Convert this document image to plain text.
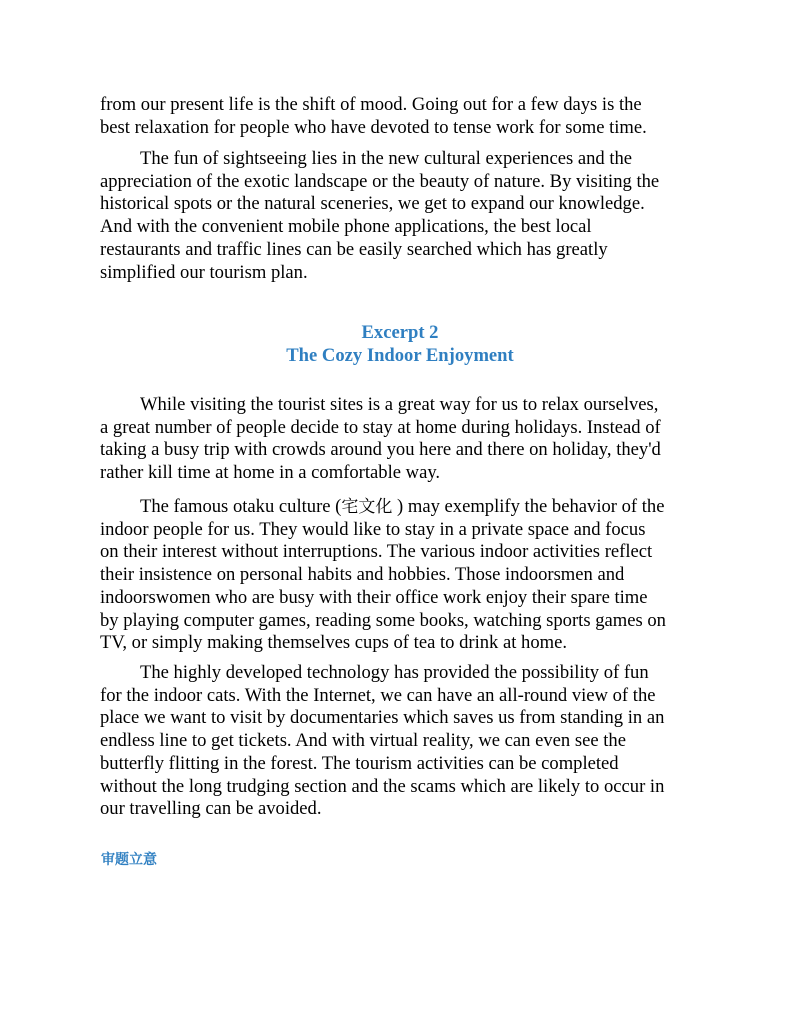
from our present life is the shift of mood. Going out for a few days is the
best relaxation for people who have devoted to tense work for some time.

The fun of sightseeing lies in the new cultural experiences and the
appreciation of the exotic landscape or the beauty of nature. By visiting the
historical spots or the natural sceneries, we get to expand our knowledge.
And with the convenient mobile phone applications, the best local
restaurants and traffic lines can be easily searched which has greatly
simplified our tourism plan.

Excerpt 2

The Cozy Indoor Enjoyment

While visiting the tourist sites is a great way for us to relax ourselves,
a great number of people decide to stay at home during holidays. Instead of
taking a busy trip with crowds around you here and there on holiday, they'd
rather kill time at home in a comfortable way.

The famous otaku culture (宅文化 ) may exemplify the behavior of the
indoor people for us. They would like to stay in a private space and focus
on their interest without interruptions. The various indoor activities reflect
their insistence on personal habits and hobbies. Those indoorsmen and
indoorswomen who are busy with their office work enjoy their spare time
by playing computer games, reading some books, watching sports games on
TV, or simply making themselves cups of tea to drink at home.

The highly developed technology has provided the possibility of fun
for the indoor cats. With the Internet, we can have an all-round view of the
place we want to visit by documentaries which saves us from standing in an
endless line to get tickets. And with virtual reality, we can even see the
butterfly flitting in the forest. The tourism activities can be completed
without the long trudging section and the scams which are likely to occur in
our travelling can be avoided.

审题立意
